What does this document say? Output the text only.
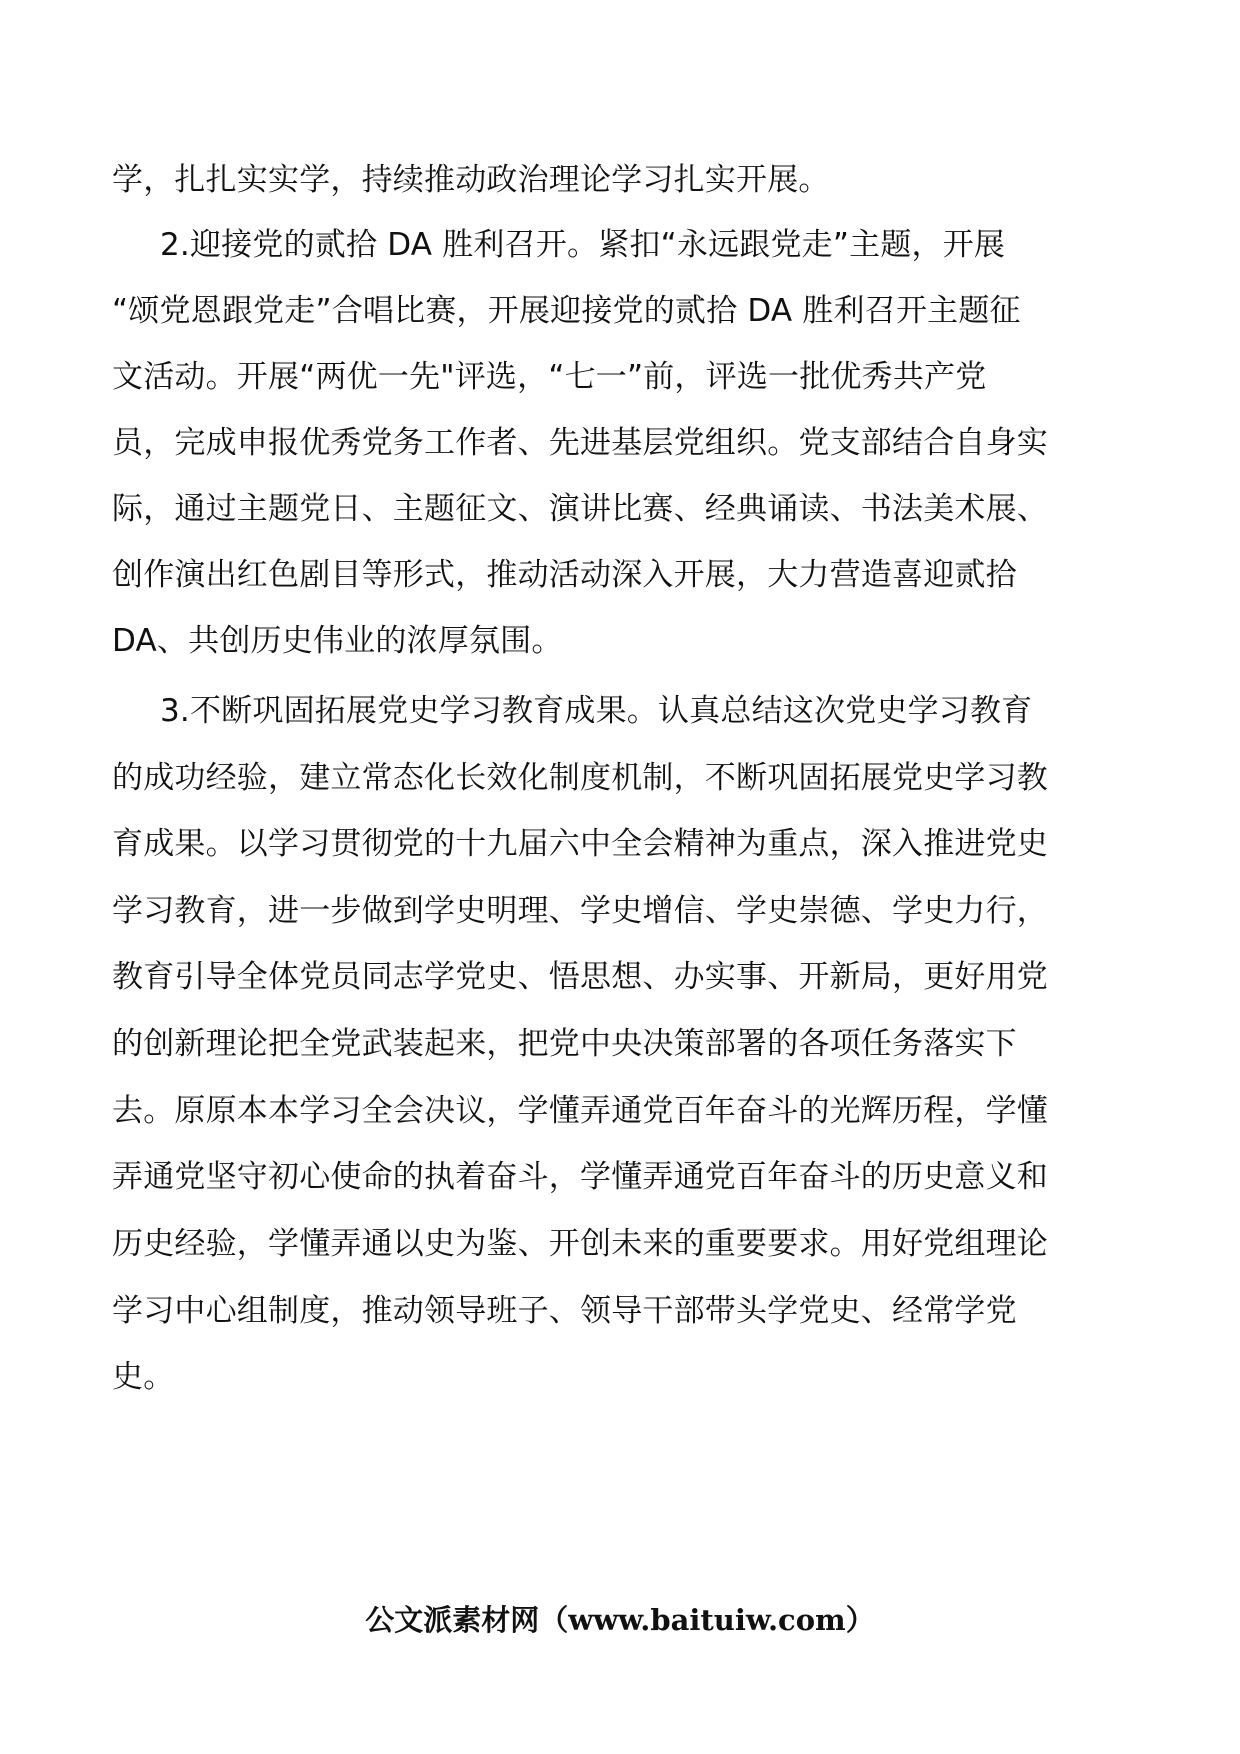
学，扎扎实实学，持续推动政治理论学习扎实开展。
2.迎接党的贰拾 DA 胜利召开。紧扣“永远跟党走”主题，开展
“颂党恩跟党走”合唱比赛，开展迎接党的贰拾 DA 胜利召开主题征
文活动。开展“两优一先"评选，“七一”前，评选一批优秀共产党
员，完成申报优秀党务工作者、先进基层党组织。党支部结合自身实
际，通过主题党日、主题征文、演讲比赛、经典诵读、书法美术展、
创作演出红色剧目等形式，推动活动深入开展，大力营造喜迎贰拾
DA、共创历史伟业的浓厚氛围。
3.不断巩固拓展党史学习教育成果。认真总结这次党史学习教育
的成功经验，建立常态化长效化制度机制，不断巩固拓展党史学习教
育成果。以学习贯彻党的十九届六中全会精神为重点，深入推进党史
学习教育，进一步做到学史明理、学史增信、学史崇德、学史力行，
教育引导全体党员同志学党史、悟思想、办实事、开新局，更好用党
的创新理论把全党武装起来，把党中央决策部署的各项任务落实下
去。原原本本学习全会决议，学懂弄通党百年奋斗的光辉历程，学懂
弄通党坚守初心使命的执着奋斗，学懂弄通党百年奋斗的历史意义和
历史经验，学懂弄通以史为鉴、开创未来的重要要求。用好党组理论
学习中心组制度，推动领导班子、领导干部带头学党史、经常学党
史。
公文派素材网（www.baituiw.com）
